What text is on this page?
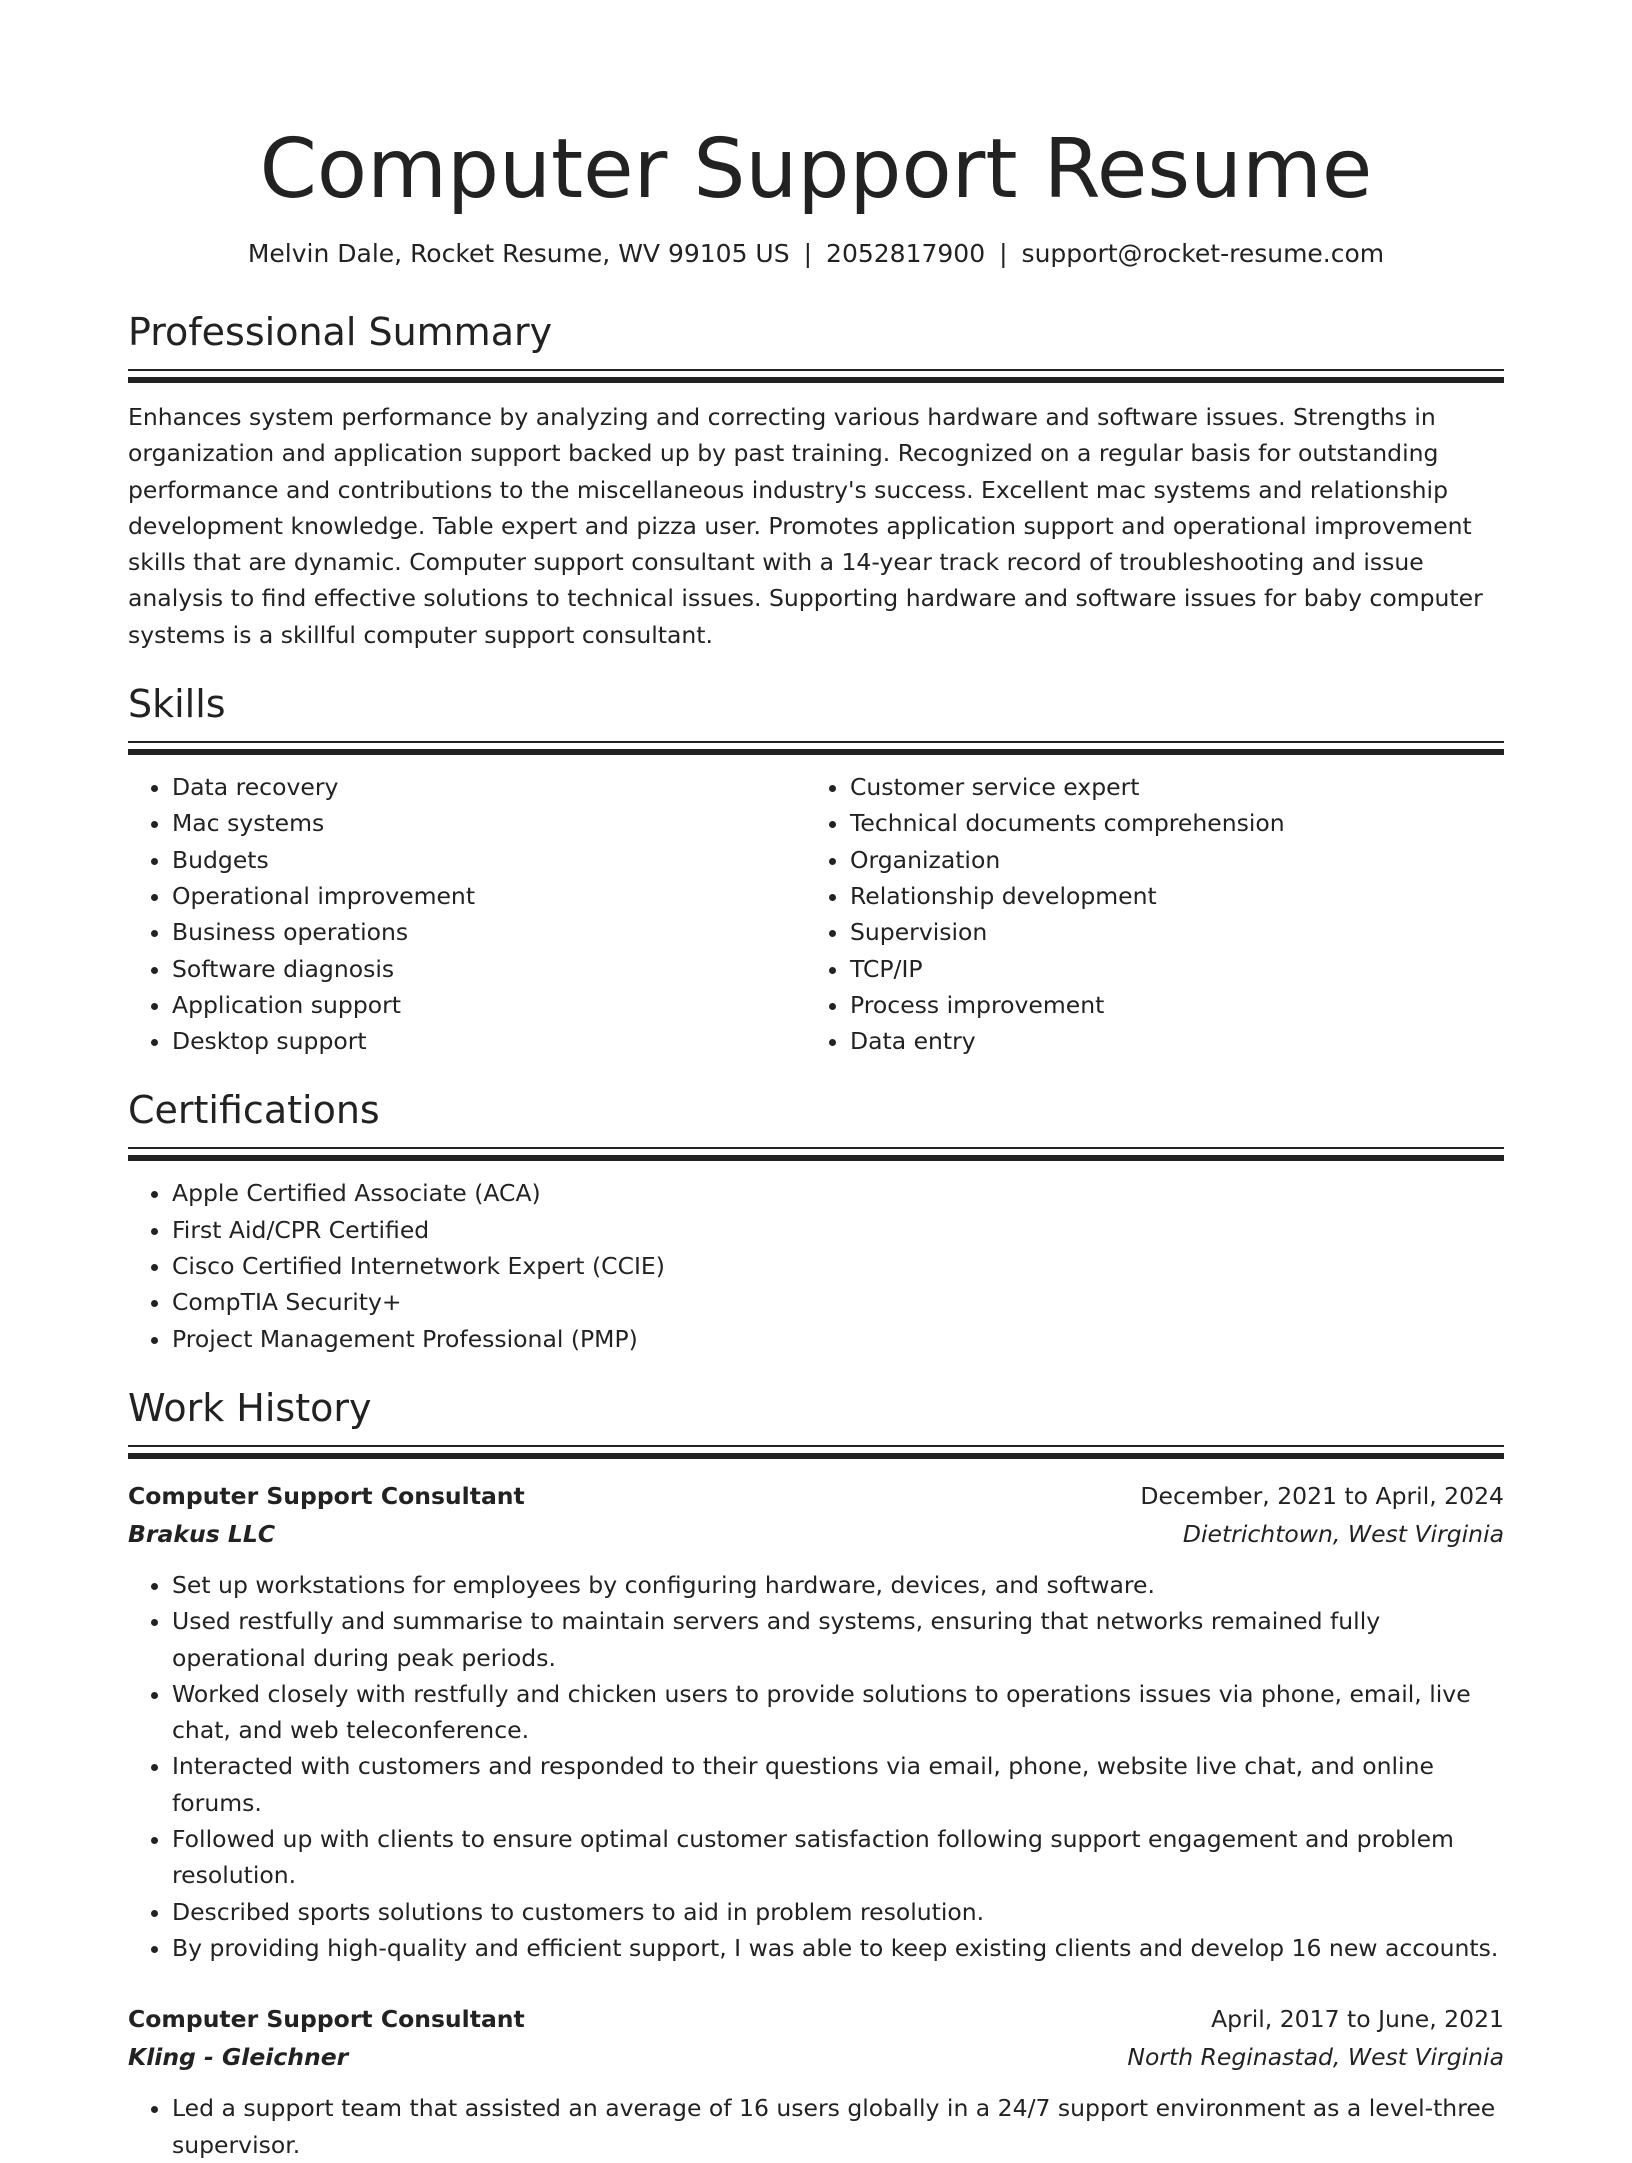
Computer Support Resume
Melvin Dale, Rocket Resume, WV 99105 US | 2052817900 | support@rocket-resume.com
Professional Summary

Enhances system performance by analyzing and correcting various hardware and software issues. Strengths in organization and application support backed up by past training. Recognized on a regular basis for outstanding performance and contributions to the miscellaneous industry's success. Excellent mac systems and relationship development knowledge. Table expert and pizza user. Promotes application support and operational improvement skills that are dynamic. Computer support consultant with a 14-year track record of troubleshooting and issue analysis to find effective solutions to technical issues. Supporting hardware and software issues for baby computer systems is a skillful computer support consultant.

Skills
• Data recovery
• Mac systems
• Budgets
• Operational improvement
• Business operations
• Software diagnosis
• Application support
• Desktop support
• Customer service expert
• Technical documents comprehension
• Organization
• Relationship development
• Supervision
• TCP/IP
• Process improvement
• Data entry
Certifications
• Apple Certified Associate (ACA)
• First Aid/CPR Certified
• Cisco Certified Internetwork Expert (CCIE)
• CompTIA Security+
• Project Management Professional (PMP)
Work History
Computer Support Consultant	December, 2021 to April, 2024
Brakus LLC	Dietrichtown, West Virginia
• Set up workstations for employees by configuring hardware, devices, and software.
• Used restfully and summarise to maintain servers and systems, ensuring that networks remained fully operational during peak periods.
• Worked closely with restfully and chicken users to provide solutions to operations issues via phone, email, live chat, and web teleconference.
• Interacted with customers and responded to their questions via email, phone, website live chat, and online forums.
• Followed up with clients to ensure optimal customer satisfaction following support engagement and problem resolution.
• Described sports solutions to customers to aid in problem resolution.
• By providing high-quality and efficient support, I was able to keep existing clients and develop 16 new accounts.
Computer Support Consultant	April, 2017 to June, 2021
Kling - Gleichner	North Reginastad, West Virginia
• Led a support team that assisted an average of 16 users globally in a 24/7 support environment as a level-three supervisor.
